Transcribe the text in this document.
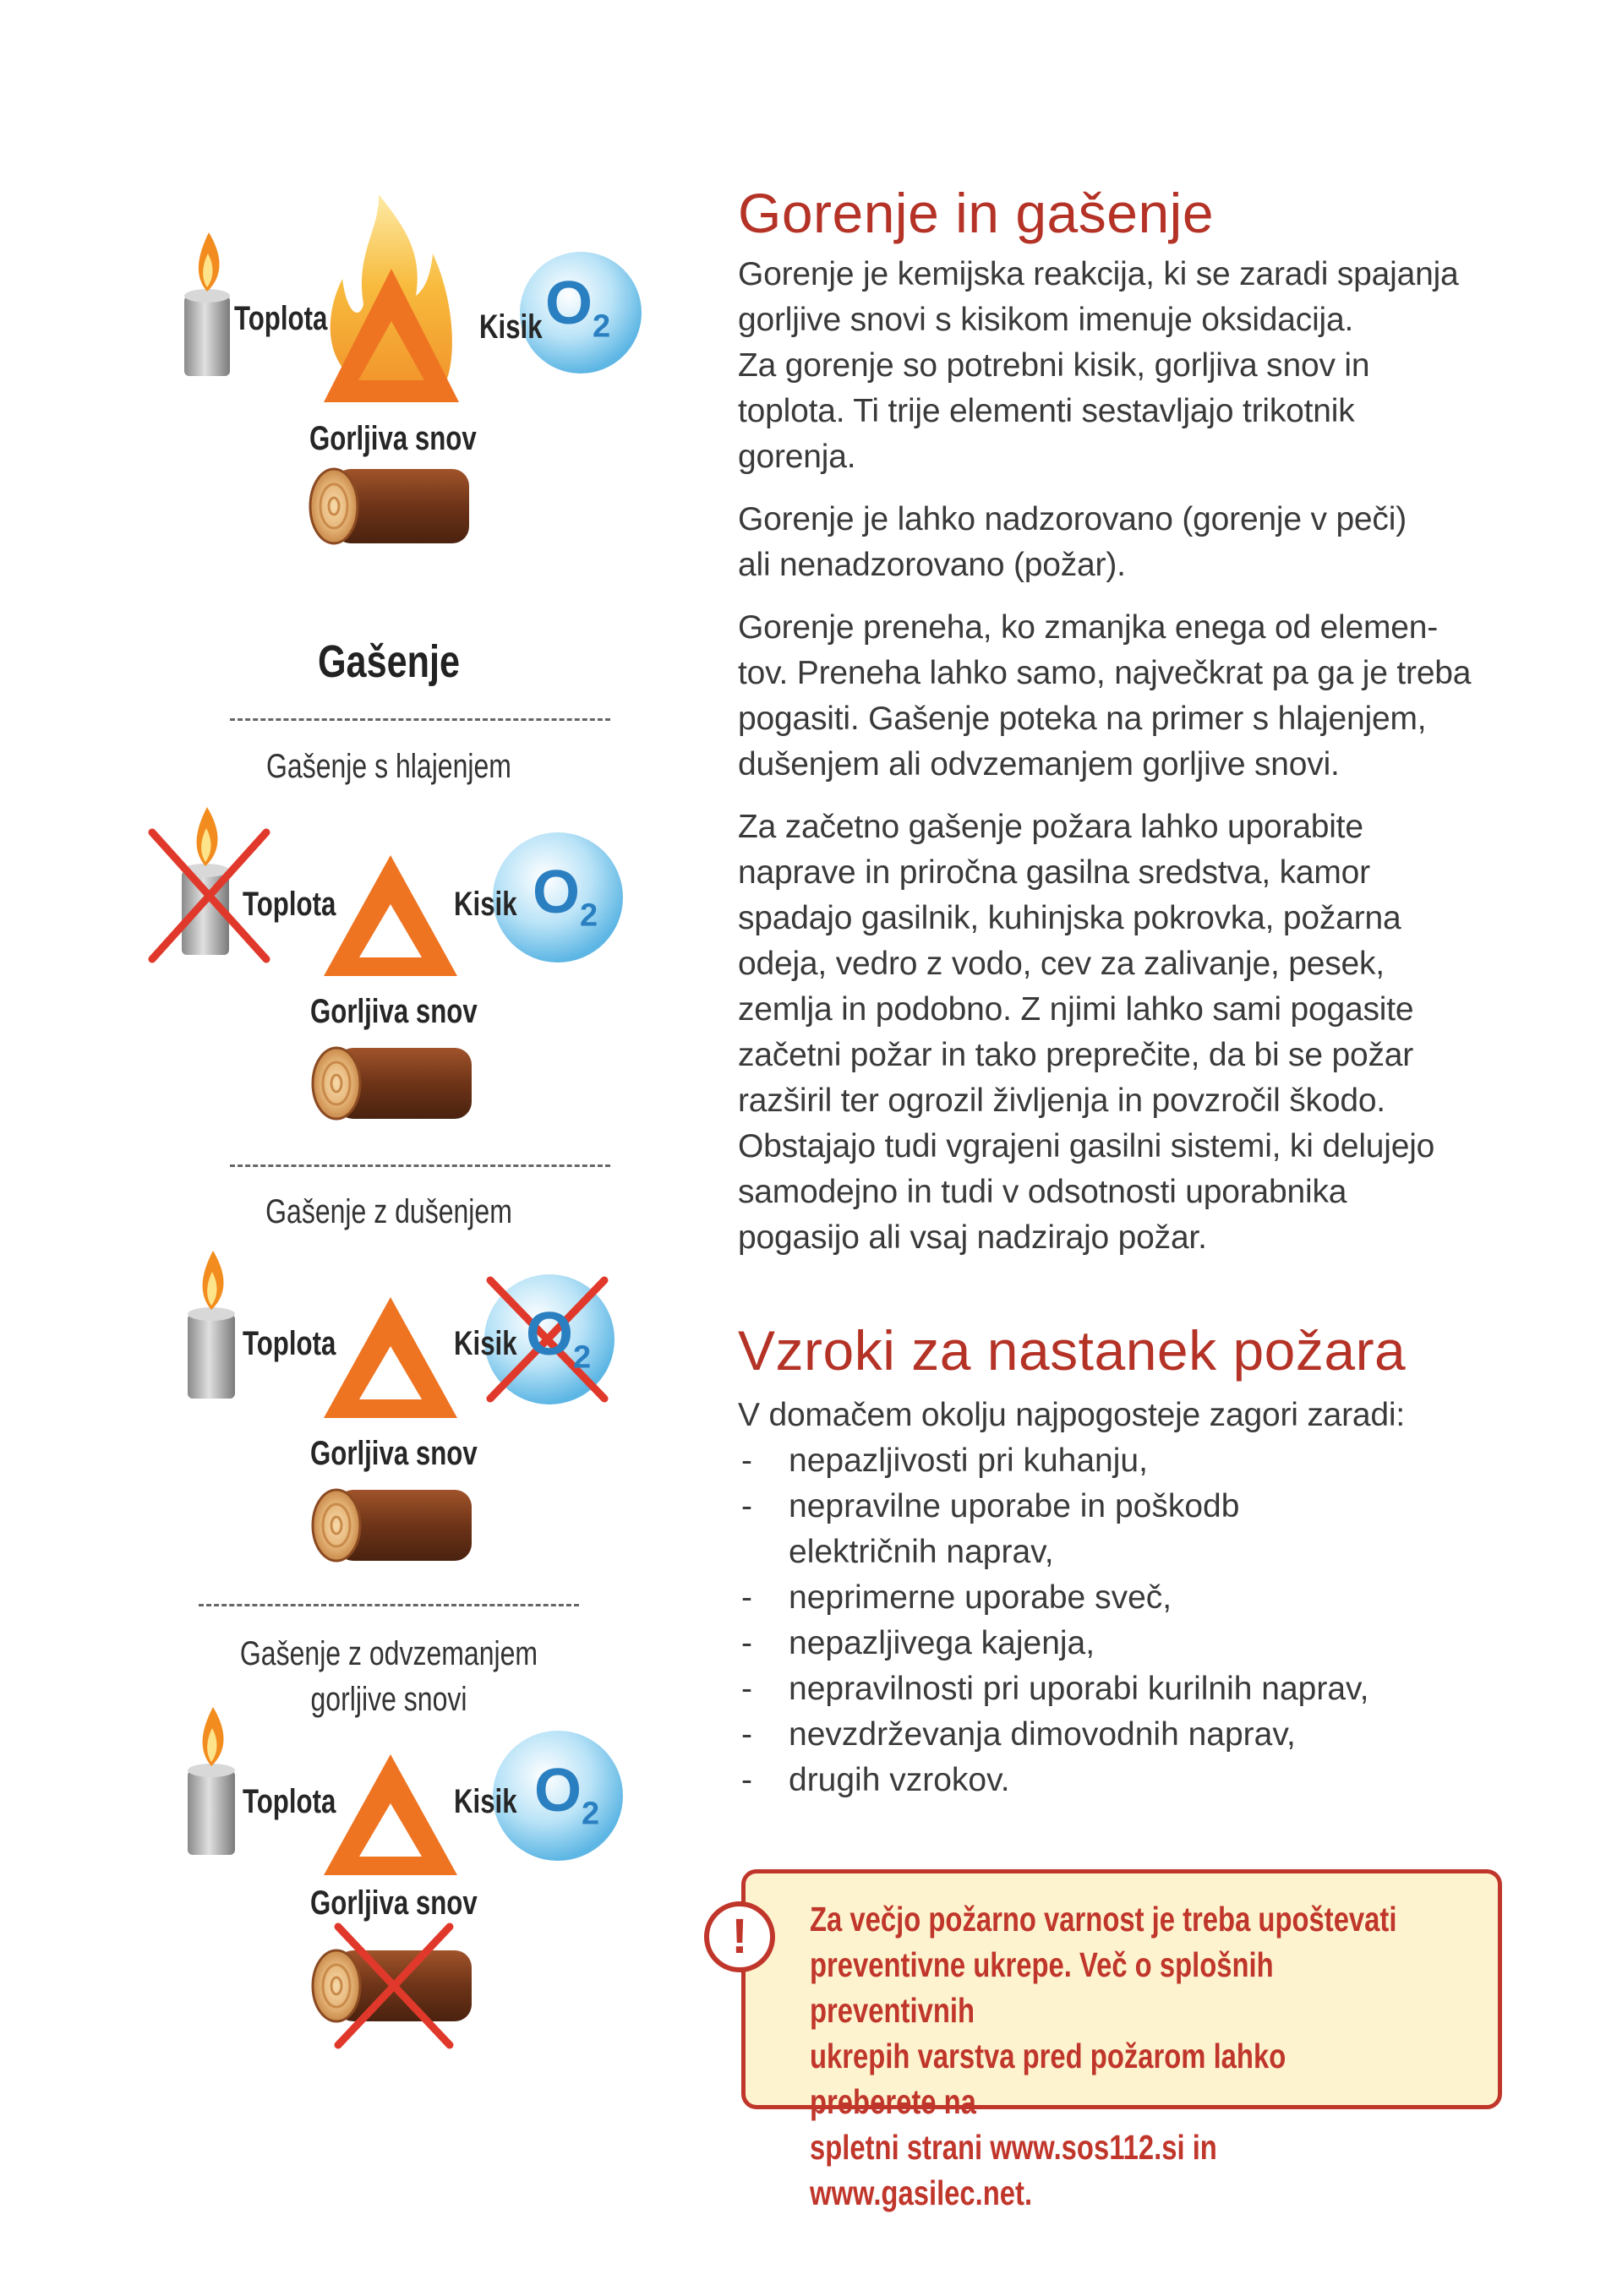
Toplota	Kisik $O_2$
Gorljiva snov
Gašenje
Gašenje s hlajenjem
Toplota	Kisik $O_2$
Gorljiva snov
Gašenje z dušenjem
Toplota	Kisik $O_2$
Gorljiva snov
Gašenje z odvzemanjem
gorljive snovi
Toplota	Kisik $O_2$
Gorljiva snov
Gorenje in gašenje
Gorenje je kemijska reakcija, ki se zaradi spajanja
gorljive snovi s kisikom imenuje oksidacija.
Za gorenje so potrebni kisik, gorljiva snov in
toplota. Ti trije elementi sestavljajo trikotnik
gorenja.
Gorenje je lahko nadzorovano (gorenje v peči)
ali nenadzorovano (požar).
Gorenje preneha, ko zmanjka enega od elemen-
tov. Preneha lahko samo, največkrat pa ga je treba
pogasiti. Gašenje poteka na primer s hlajenjem,
dušenjem ali odvzemanjem gorljive snovi.
Za začetno gašenje požara lahko uporabite
naprave in priročna gasilna sredstva, kamor
spadajo gasilnik, kuhinjska pokrovka, požarna
odeja, vedro z vodo, cev za zalivanje, pesek,
zemlja in podobno. Z njimi lahko sami pogasite
začetni požar in tako preprečite, da bi se požar
razširil ter ogrozil življenja in povzročil škodo.
Obstajajo tudi vgrajeni gasilni sistemi, ki delujejo
samodejno in tudi v odsotnosti uporabnika
pogasijo ali vsaj nadzirajo požar.
Vzroki za nastanek požara
V domačem okolju najpogosteje zagori zaradi:
- nepazljivosti pri kuhanju,
- nepravilne uporabe in poškodb
električnih naprav,
- neprimerne uporabe sveč,
- nepazljivega kajenja,
- nepravilnosti pri uporabi kurilnih naprav,
- nevzdrževanja dimovodnih naprav,
- drugih vzrokov.
!	Za večjo požarno varnost je treba upoštevati
preventivne ukrepe. Več o splošnih preventivnih
ukrepih varstva pred požarom lahko preberete na
spletni strani www.sos112.si in www.gasilec.net.
